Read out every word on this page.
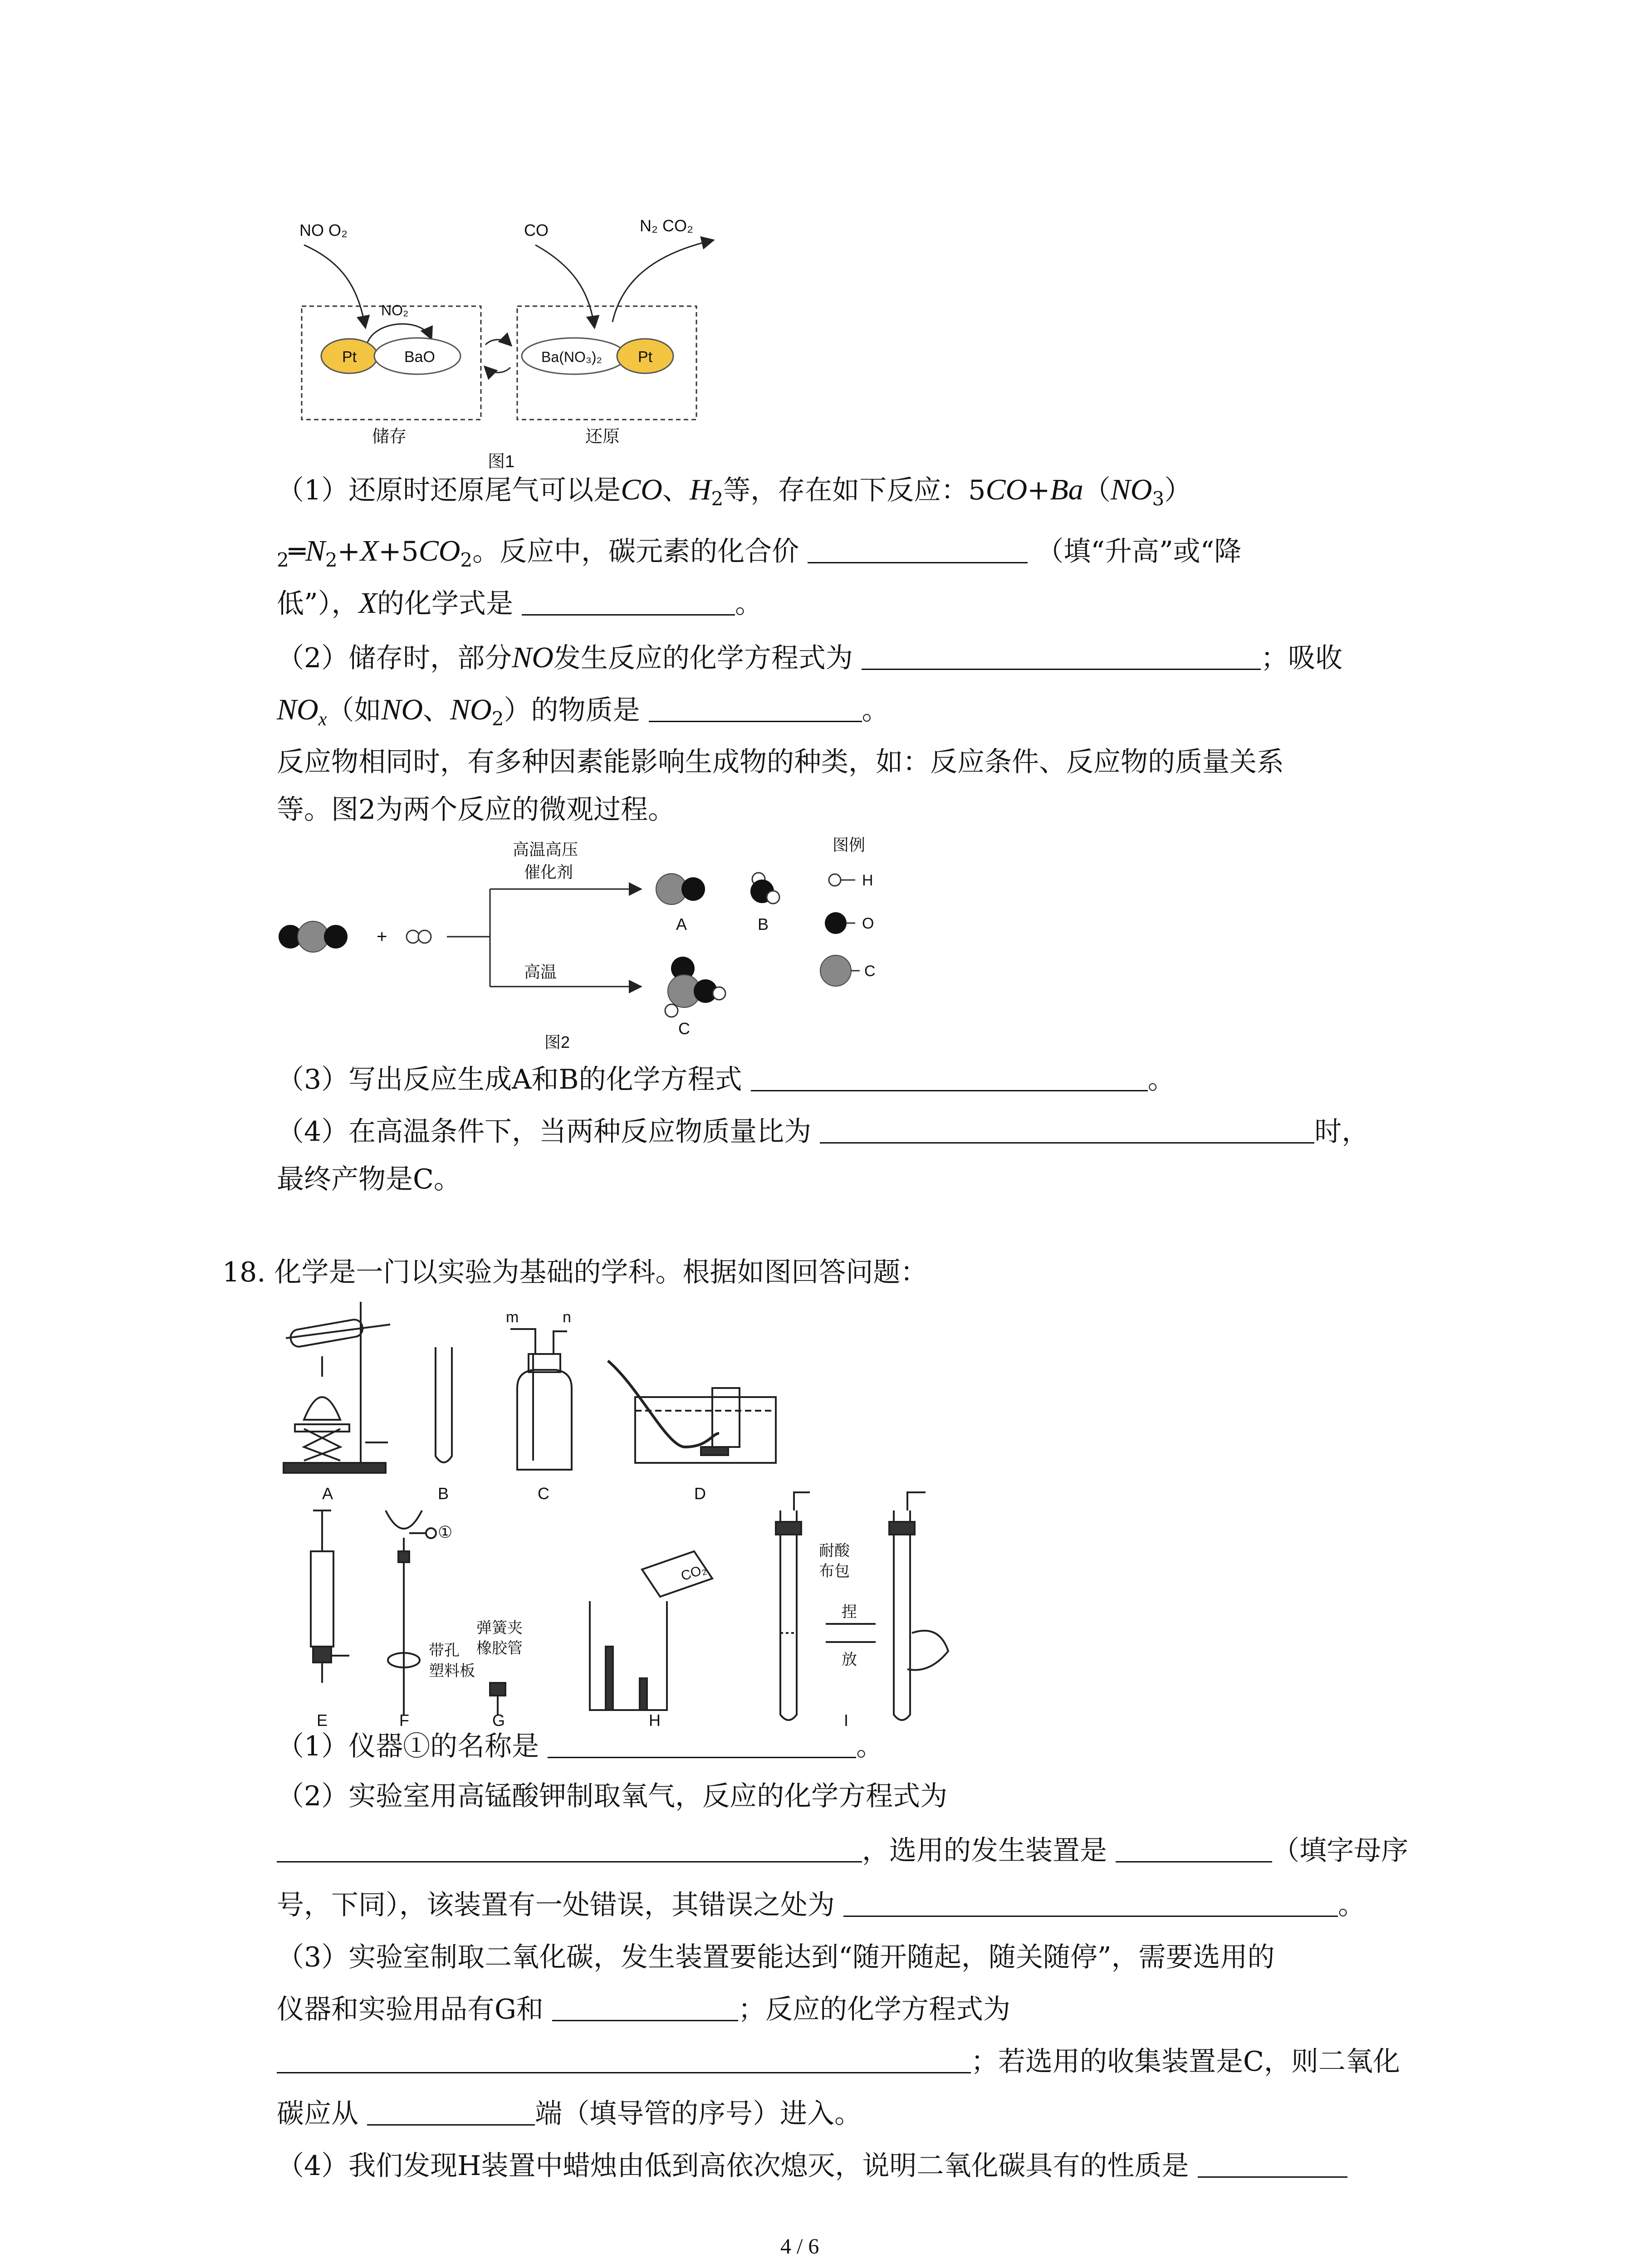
NO O₂	CO	N₂ CO₂
NO₂
Pt	BaO	Ba(NO₃)₂ Pt
储存	还原
图1
（1）还原时还原尾气可以是CO、$H_2$等，存在如下反应：$5CO+Ba(NO_3)$
$_2═N_2+X+5CO_2$。反应中，碳元素的化合价	（填“升高”或“降
低”），X的化学式是	。
（2）储存时，部分NO发生反应的化学方程式为	；吸收
$NO_x$（如NO、$NO_2$）的物质是	。
反应物相同时，有多种因素能影响生成物的种类，如：反应条件、反应物的质量关系
等。图2为两个反应的微观过程。
+
高温高压
催化剂
高温
A	B
C
图例
H
O
C
图2
（3）写出反应生成A和B的化学方程式	。
（4）在高温条件下，当两种反应物质量比为	时，
最终产物是C。
18. 化学是一门以实验为基础的学科。根据如图回答问题：
A	B	C	D
m	n
E	F	G	H	I
①
带孔
塑料板
弹簧夹
橡胶管
CO₂
耐酸
布包
捏
放
（1）仪器①的名称是	。
（2）实验室用高锰酸钾制取氧气，反应的化学方程式为
，选用的发生装置是	（填字母序
号，下同），该装置有一处错误，其错误之处为	。
（3）实验室制取二氧化碳，发生装置要能达到“随开随起，随关随停”，需要选用的
仪器和实验用品有G和	；反应的化学方程式为
；若选用的收集装置是C，则二氧化
碳应从	端（填导管的序号）进入。
（4）我们发现H装置中蜡烛由低到高依次熄灭，说明二氧化碳具有的性质是
4 / 6
